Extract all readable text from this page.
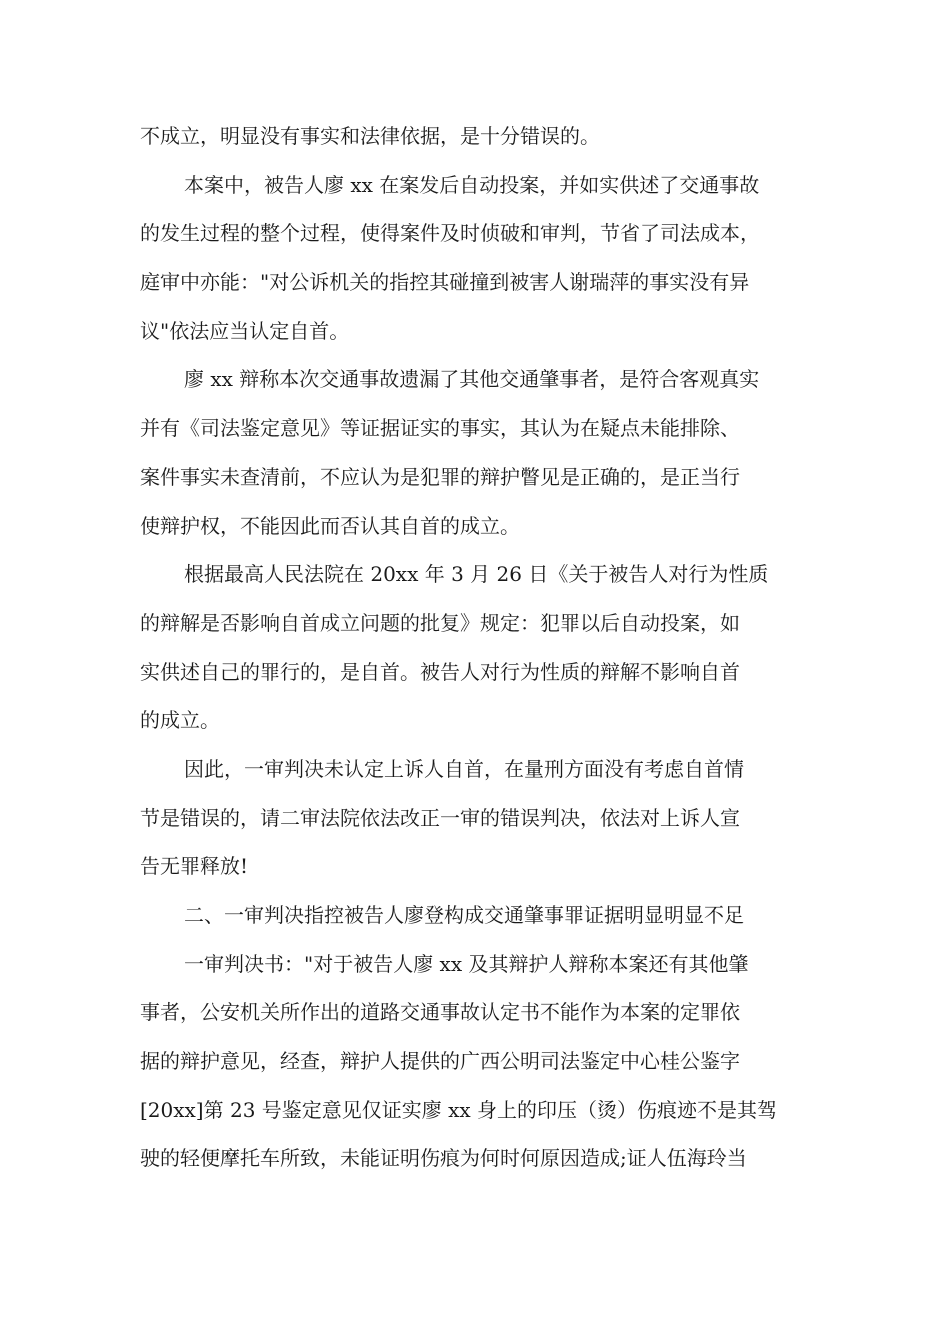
不成立，明显没有事实和法律依据，是十分错误的。
本案中，被告人廖 xx 在案发后自动投案，并如实供述了交通事故
的发生过程的整个过程，使得案件及时侦破和审判，节省了司法成本，
庭审中亦能："对公诉机关的指控其碰撞到被害人谢瑞萍的事实没有异
议"依法应当认定自首。
廖 xx 辩称本次交通事故遗漏了其他交通肇事者，是符合客观真实
并有《司法鉴定意见》等证据证实的事实，其认为在疑点未能排除、
案件事实未查清前，不应认为是犯罪的辩护瞥见是正确的，是正当行
使辩护权，不能因此而否认其自首的成立。
根据最高人民法院在 20xx 年 3 月 26 日《关于被告人对行为性质
的辩解是否影响自首成立问题的批复》规定：犯罪以后自动投案，如
实供述自己的罪行的，是自首。被告人对行为性质的辩解不影响自首
的成立。
因此，一审判决未认定上诉人自首，在量刑方面没有考虑自首情
节是错误的，请二审法院依法改正一审的错误判决，依法对上诉人宣
告无罪释放!
二、一审判决指控被告人廖登构成交通肇事罪证据明显明显不足
一审判决书："对于被告人廖 xx 及其辩护人辩称本案还有其他肇
事者，公安机关所作出的道路交通事故认定书不能作为本案的定罪依
据的辩护意见，经查，辩护人提供的广西公明司法鉴定中心桂公鉴字
[20xx]第 23 号鉴定意见仅证实廖 xx 身上的印压（烫）伤痕迹不是其驾
驶的轻便摩托车所致，未能证明伤痕为何时何原因造成;证人伍海玲当
